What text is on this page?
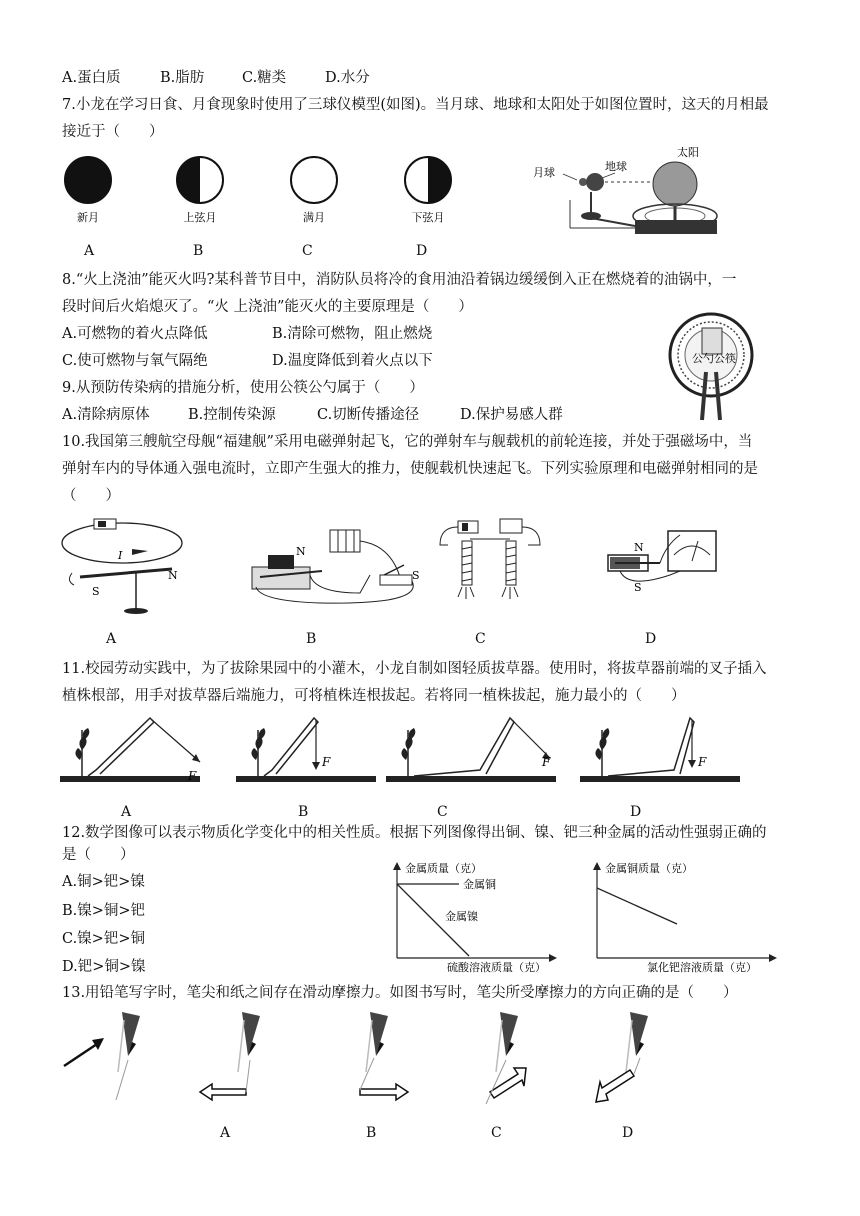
A.蛋白质	B.脂肪	C.糖类	D.水分
7.小龙在学习日食、月食现象时使用了三球仪模型(如图)。当月球、地球和太阳处于如图位置时，这天的月相最
接近于（　　）
新月	上弦月	满月	下弦月
A	B	C	D
月球	地球
太阳
8.“火上浇油”能灭火吗?某科普节目中，消防队员将冷的食用油沿着锅边缓缓倒入正在燃烧着的油锅中，一
段时间后火焰熄灭了。“火 上浇油”能灭火的主要原理是（　　）
A.可燃物的着火点降低	B.清除可燃物，阻止燃烧
C.使可燃物与氧气隔绝	D.温度降低到着火点以下	公勺 公筷
9.从预防传染病的措施分析，使用公筷公勺属于（　　）
A.清除病原体	B.控制传染源	C.切断传播途径	D.保护易感人群
10.我国第三艘航空母舰“福建舰”采用电磁弹射起飞，它的弹射车与舰载机的前轮连接，并处于强磁场中，当
弹射车内的导体通入强电流时，立即产生强大的推力，使舰载机快速起飞。下列实验原理和电磁弹射相同的是
（　　）
I
S
N
N
S
N
S
A	B	C	D
11.校园劳动实践中，为了拔除果园中的小灌木，小龙自制如图轻质拔草器。使用时，将拔草器前端的叉子插入
植株根部，用手对拔草器后端施力，可将植株连根拔起。若将同一植株拔起，施力最小的（　　）
F
F	F	F
A	B	C	D
12.数学图像可以表示物质化学变化中的相关性质。根据下列图像得出铜、镍、钯三种金属的活动性强弱正确的
是（　　）
A.铜>钯>镍
B.镍>铜>钯
C.镍>钯>铜
D.钯>铜>镍
金属质量（克）
金属铜
金属镍
硫酸溶液质量（克）
金属铜质量（克）
氯化钯溶液质量（克）
13.用铅笔写字时，笔尖和纸之间存在滑动摩擦力。如图书写时，笔尖所受摩擦力的方向正确的是（　　）
A	B	C	D
